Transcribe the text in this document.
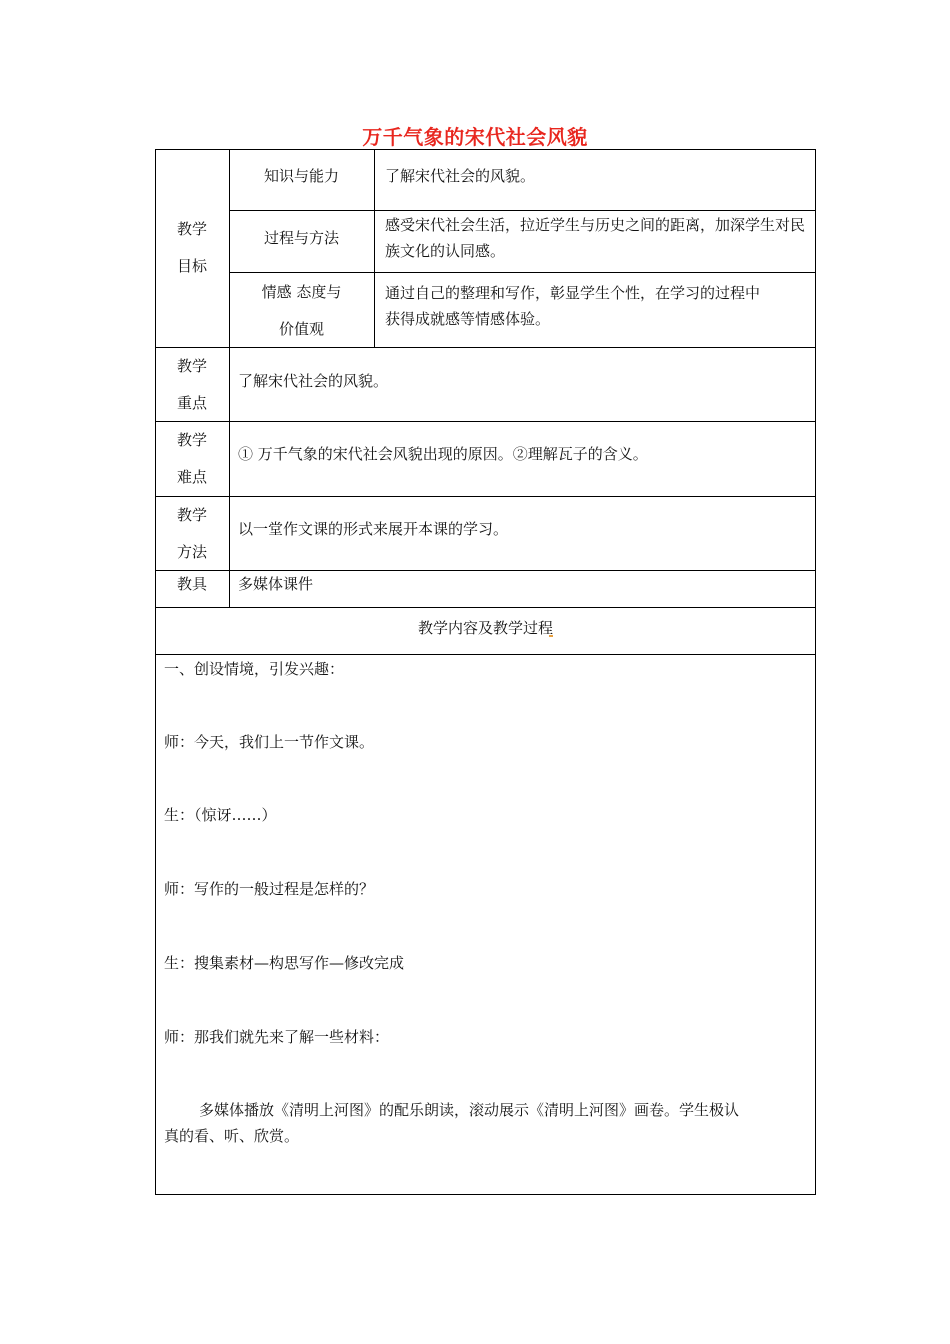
万千气象的宋代社会风貌
教学
目标
知识与能力	了解宋代社会的风貌。
过程与方法
感受宋代社会生活，拉近学生与历史之间的距离，加深学生对民族文化的认同感。
情感 态度与
价值观
通过自己的整理和写作，彰显学生个性，在学习的过程中
获得成就感等情感体验。
教学
重点
了解宋代社会的风貌。
教学
难点
① 万千气象的宋代社会风貌出现的原因。②理解瓦子的含义。
教学
方法
以一堂作文课的形式来展开本课的学习。
教具	多媒体课件
教学内容及教学过程
一、创设情境，引发兴趣：
师：今天，我们上一节作文课。
生：（惊讶……）
师：写作的一般过程是怎样的？
生：搜集素材—构思写作—修改完成
师：那我们就先来了解一些材料：
多媒体播放《清明上河图》的配乐朗读，滚动展示《清明上河图》画卷。学生极认
真的看、听、欣赏。
